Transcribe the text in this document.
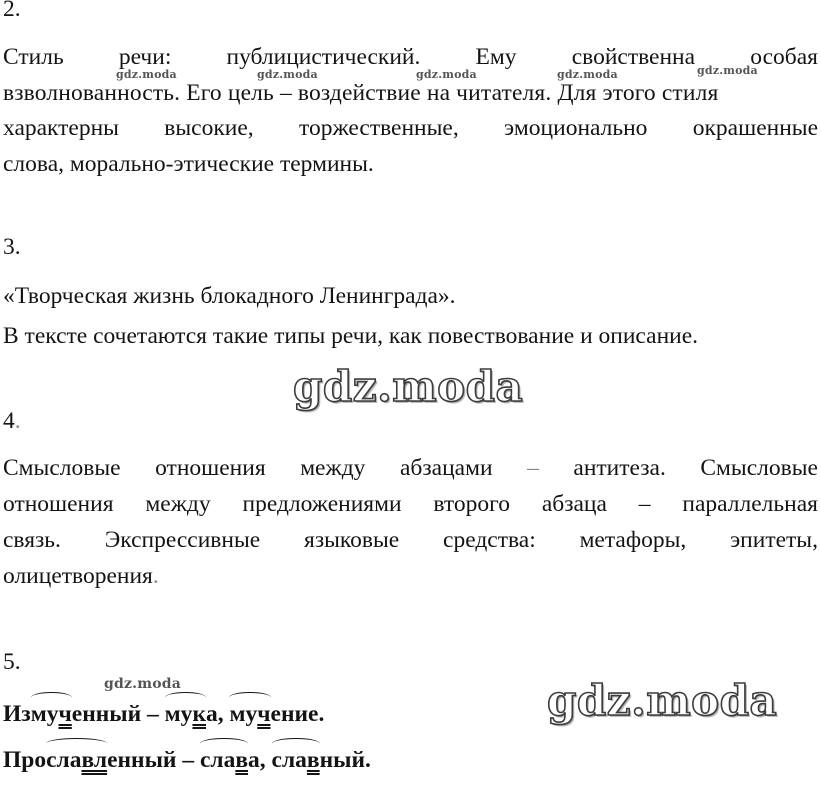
2.
Стиль речи: публицистический. Ему свойственна особая
gdz.moda	gdz.moda	gdz.moda	gdz.moda	gdz.moda
взволнованность. Его цель – воздействие на читателя. Для этого стиля
характерны высокие, торжественные, эмоционально окрашенные
слова, морально-этические термины.
3.
«Творческая жизнь блокадного Ленинграда».
В тексте сочетаются такие типы речи, как повествование и описание.
gdz.moda
4.
Смысловые отношения между абзацами – антитеза. Смысловые
отношения между предложениями второго абзаца – параллельная
связь. Экспрессивные языковые средства: метафоры, эпитеты,
олицетворения.
5.
gdz.moda	gdz.moda
Из
мученный –
мука,
мучение.
Про
славленный –
слава,
славный.
